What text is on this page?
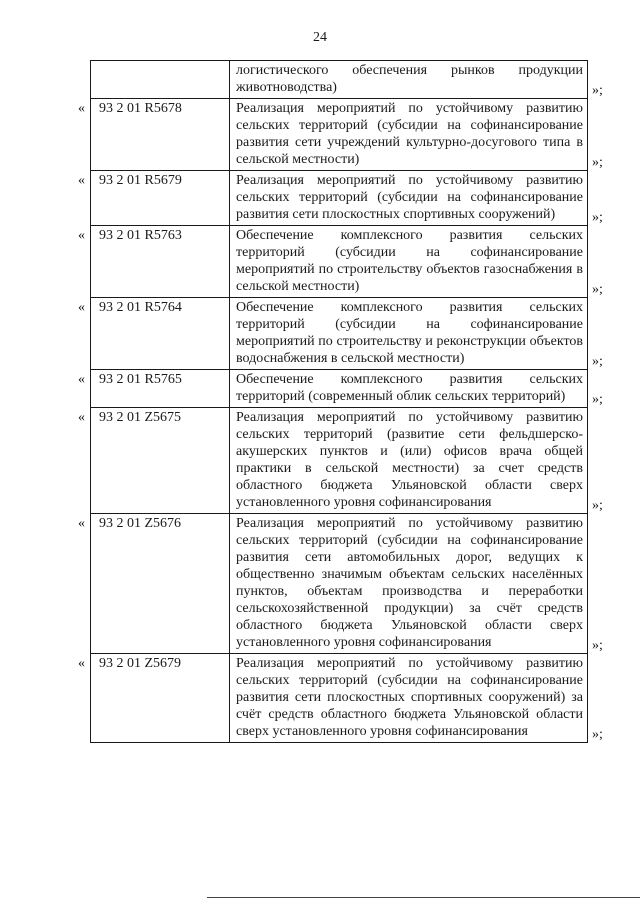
24
	логистического обеспечения рынков продукции животноводства)
93 2 01 R5678	Реализация мероприятий по устойчивому развитию сельских территорий (субсидии на софинансирование развития сети учреждений культурно-досугового типа в сельской местности)
93 2 01 R5679	Реализация мероприятий по устойчивому развитию сельских территорий (субсидии на софинансирование развития сети плоскостных спортивных сооружений)
93 2 01 R5763	Обеспечение комплексного развития сельских территорий (субсидии на софинансирование мероприятий по строительству объектов газоснабжения в сельской местности)
93 2 01 R5764	Обеспечение комплексного развития сельских территорий (субсидии на софинансирование мероприятий по строительству и реконструкции объектов водоснабжения в сельской местности)
93 2 01 R5765	Обеспечение комплексного развития сельских территорий (современный облик сельских территорий)
93 2 01 Z5675	Реализация мероприятий по устойчивому развитию сельских территорий (развитие сети фельдшерско-акушерских пунктов и (или) офисов врача общей практики в сельской местности) за счет средств областного бюджета Ульяновской области сверх установленного уровня софинансирования
93 2 01 Z5676	Реализация мероприятий по устойчивому развитию сельских территорий (субсидии на софинансирование развития сети автомобильных дорог, ведущих к общественно значимым объектам сельских населённых пунктов, объектам производства и переработки сельскохозяйственной продукции) за счёт средств областного бюджета Ульяновской области сверх установленного уровня софинансирования
93 2 01 Z5679	Реализация мероприятий по устойчивому развитию сельских территорий (субсидии на софинансирование развития сети плоскостных спортивных сооружений) за счёт средств областного бюджета Ульяновской области сверх установленного уровня софинансирования
»;
«
»;
«
»;
«
»;
«
»;
«
»;
«
»;
«
»;
«
»;
